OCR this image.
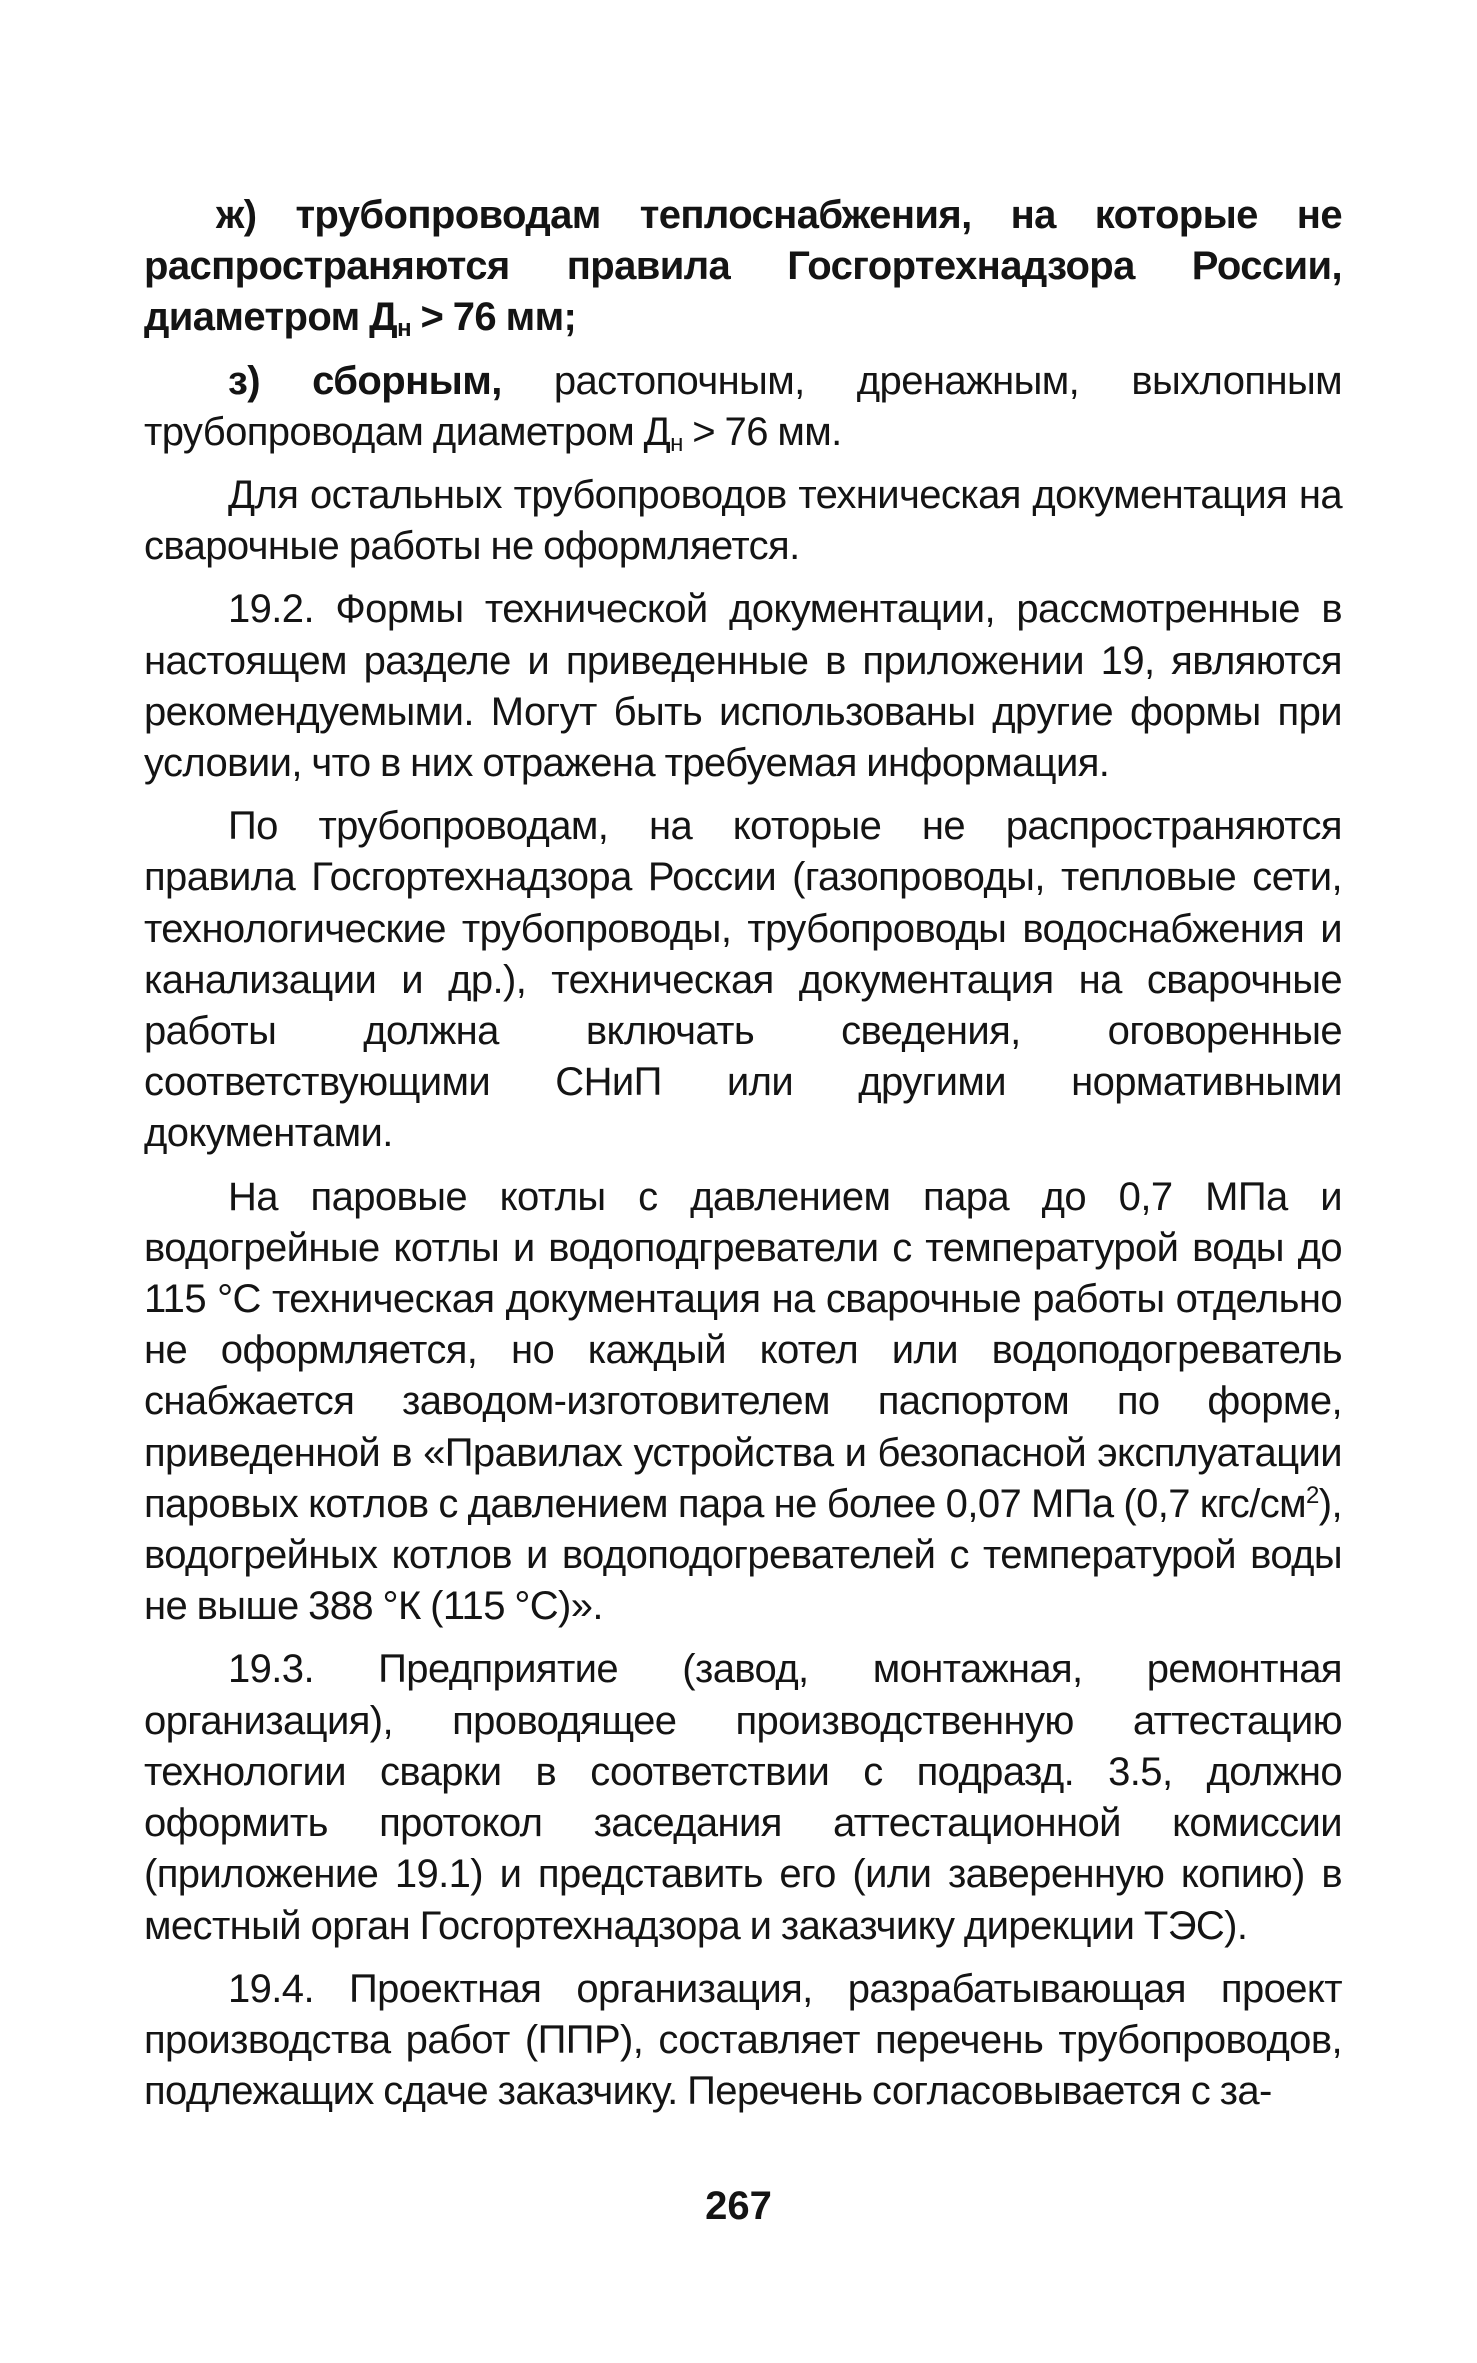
ж) трубопроводам теплоснабжения, на которые не распространяются правила Госгортехнадзора России, диаметром $Д_н > 76$ мм;

з) сборным, растопочным, дренажным, выхлопным трубопроводам диаметром $Д_н > 76$ мм.

Для остальных трубопроводов техническая документация на сварочные работы не оформляется.

19.2. Формы технической документации, рассмотренные в настоящем разделе и приведенные в приложении 19, являются рекомендуемыми. Могут быть использованы другие формы при условии, что в них отражена требуемая информация.

По трубопроводам, на которые не распространяются правила Госгортехнадзора России (газопроводы, тепловые сети, технологические трубопроводы, трубопроводы водоснабжения и канализации и др.), техническая документация на сварочные работы должна включать сведения, оговоренные соответствующими СНиП или другими нормативными документами.

На паровые котлы с давлением пара до 0,7 МПа и водогрейные котлы и водоподгреватели с температурой воды до 115 °С техническая документация на сварочные работы отдельно не оформляется, но каждый котел или водоподогреватель снабжается заводом-изготовителем паспортом по форме, приведенной в «Правилах устройства и безопасной эксплуатации паровых котлов с давлением пара не более 0,07 МПа (0,7 кгс/$см^2$), водогрейных котлов и водоподогревателей с температурой воды не выше 388 °К (115 °С)».

19.3. Предприятие (завод, монтажная, ремонтная организация), проводящее производственную аттестацию технологии сварки в соответствии с подразд. 3.5, должно оформить протокол заседания аттестационной комиссии (приложение 19.1) и представить его (или заверенную копию) в местный орган Госгортехнадзора и заказчику дирекции ТЭС).

19.4. Проектная организация, разрабатывающая проект производства работ (ППР), составляет перечень трубопроводов, подлежащих сдаче заказчику. Перечень согласовывается с за-

267
